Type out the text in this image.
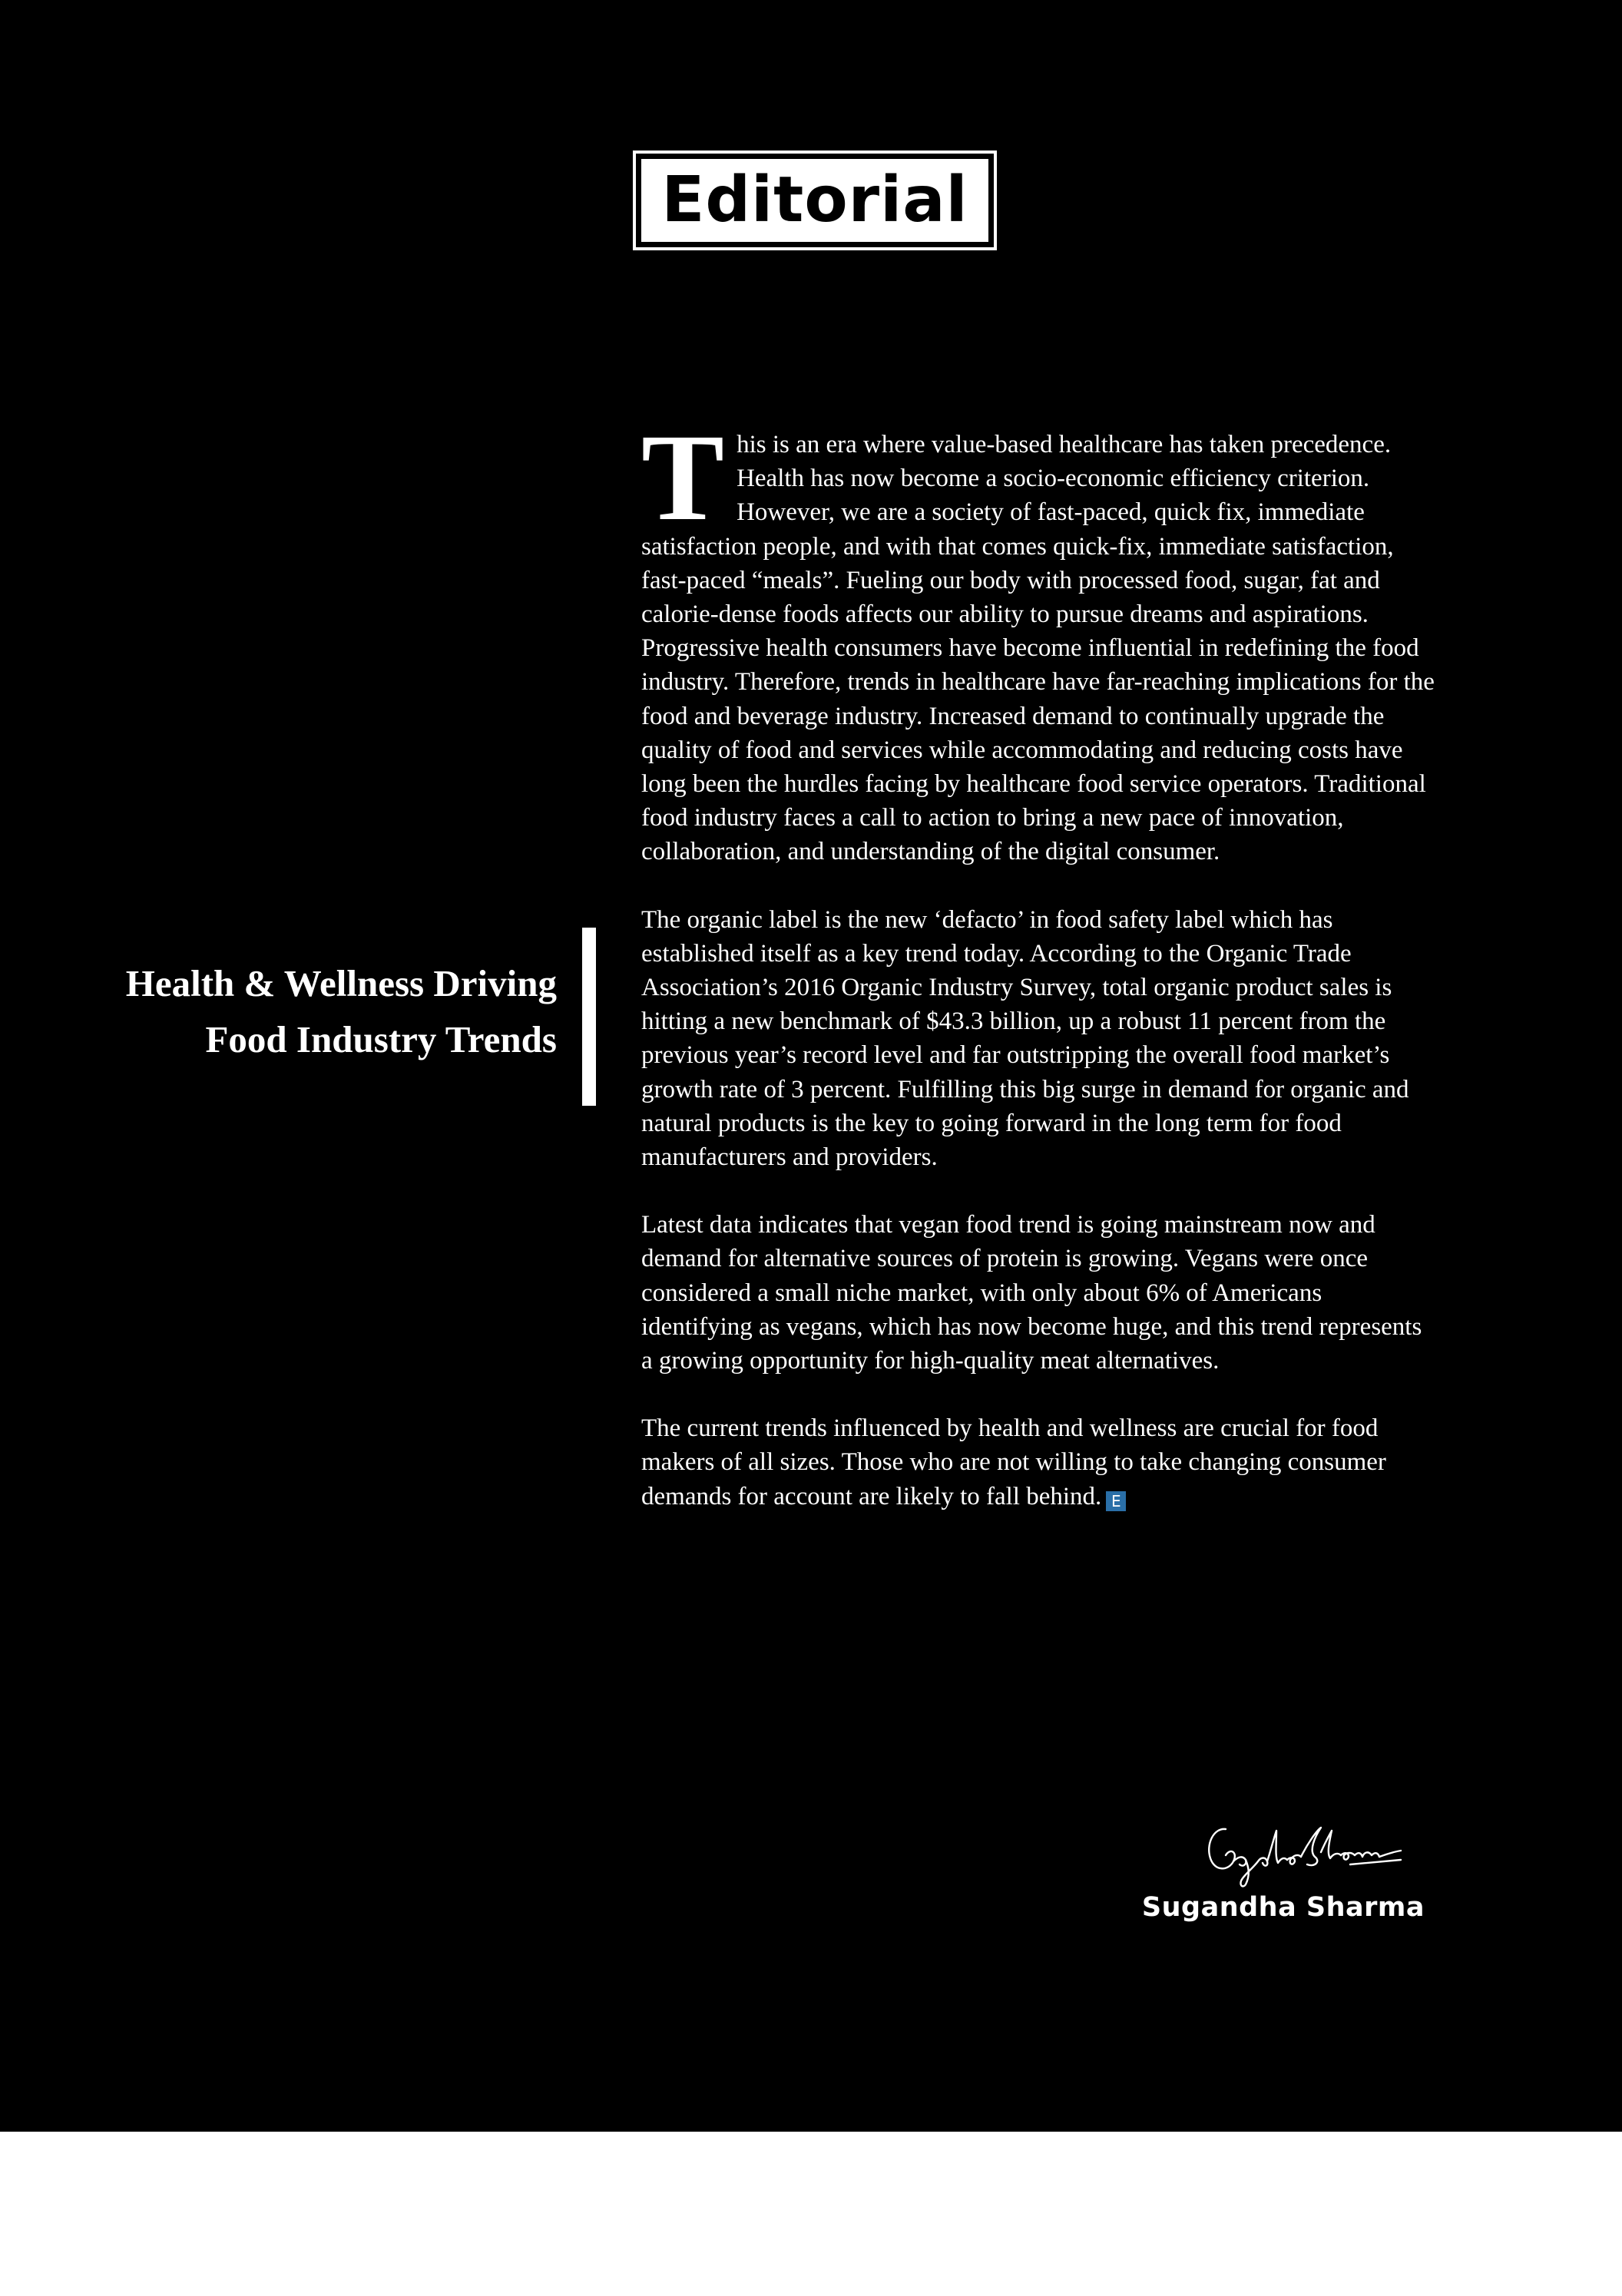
Editorial
Health & Wellness Driving
Food Industry Trends

This is an era where value-based healthcare has taken precedence. Health has now become a socio-economic efficiency criterion. However, we are a society of fast-paced, quick fix, immediate satisfaction people, and with that comes quick-fix, immediate satisfaction, fast-paced “meals”. Fueling our body with processed food, sugar, fat and calorie-dense foods affects our ability to pursue dreams and aspirations. Progressive health consumers have become influential in redefining the food industry. Therefore, trends in healthcare have far-reaching implications for the food and beverage industry. Increased demand to continually upgrade the quality of food and services while accommodating and reducing costs have long been the hurdles facing by healthcare food service operators. Traditional food industry faces a call to action to bring a new pace of innovation, collaboration, and understanding of the digital consumer.

The organic label is the new ‘defacto’ in food safety label which has established itself as a key trend today. According to the Organic Trade Association’s 2016 Organic Industry Survey, total organic product sales is hitting a new benchmark of $43.3 billion, up a robust 11 percent from the previous year’s record level and far outstripping the overall food market’s growth rate of 3 percent. Fulfilling this big surge in demand for organic and natural products is the key to going forward in the long term for food manufacturers and providers.

Latest data indicates that vegan food trend is going mainstream now and demand for alternative sources of protein is growing. Vegans were once considered a small niche market, with only about 6% of Americans identifying as vegans, which has now become huge, and this trend represents a growing opportunity for high-quality meat alternatives.

The current trends influenced by health and wellness are crucial for food makers of all sizes. Those who are not willing to take changing consumer demands for account are likely to fall behind. E

Sugandha Sharma
